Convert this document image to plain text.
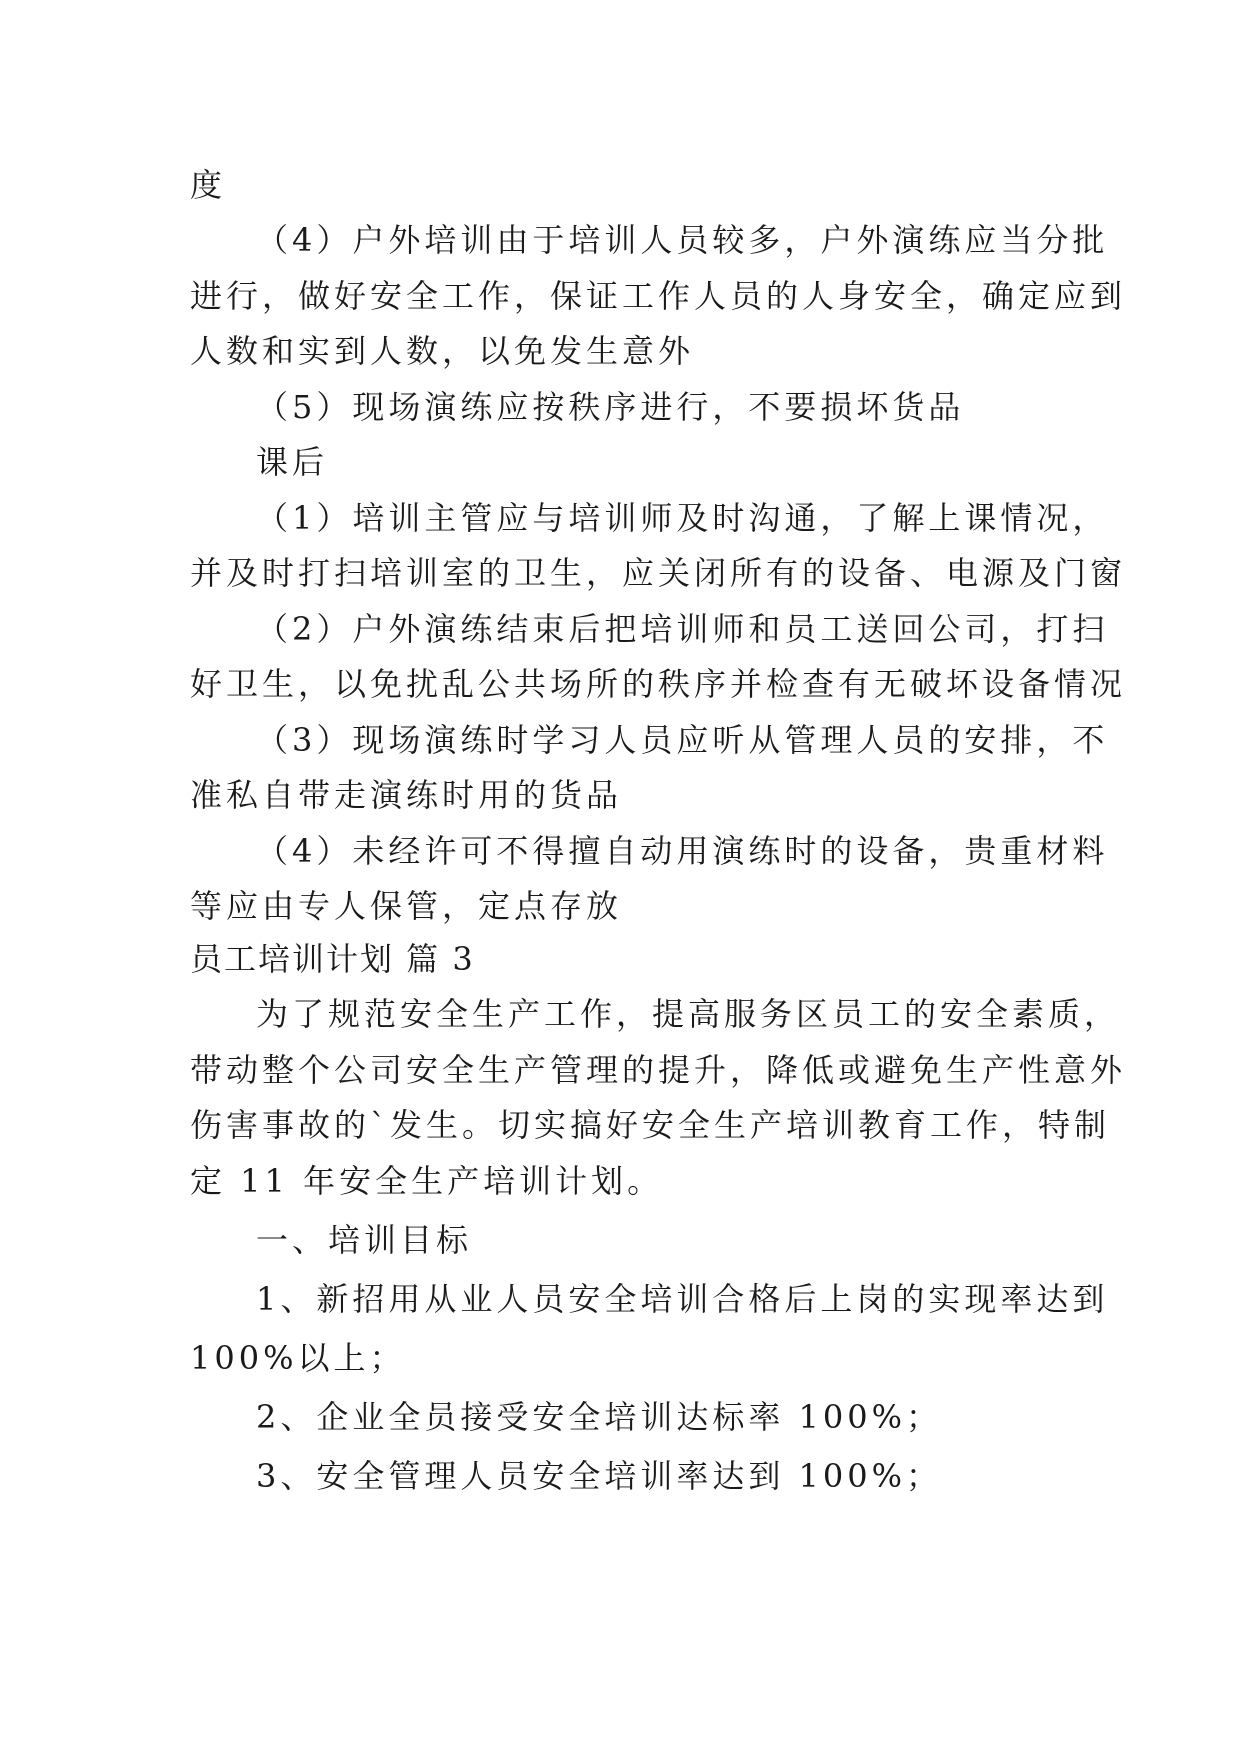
度
（4）户外培训由于培训人员较多，户外演练应当分批
进行，做好安全工作，保证工作人员的人身安全，确定应到
人数和实到人数，以免发生意外
（5）现场演练应按秩序进行，不要损坏货品
课后
（1）培训主管应与培训师及时沟通，了解上课情况，
并及时打扫培训室的卫生，应关闭所有的设备、电源及门窗
（2）户外演练结束后把培训师和员工送回公司，打扫
好卫生，以免扰乱公共场所的秩序并检查有无破坏设备情况
（3）现场演练时学习人员应听从管理人员的安排，不
准私自带走演练时用的货品
（4）未经许可不得擅自动用演练时的设备，贵重材料
等应由专人保管，定点存放
员工培训计划 篇 3
为了规范安全生产工作，提高服务区员工的安全素质，
带动整个公司安全生产管理的提升，降低或避免生产性意外
伤害事故的`发生。切实搞好安全生产培训教育工作，特制
定 11 年安全生产培训计划。
一、培训目标
1、新招用从业人员安全培训合格后上岗的实现率达到
100%以上；
2、企业全员接受安全培训达标率 100%；
3、安全管理人员安全培训率达到 100%；
